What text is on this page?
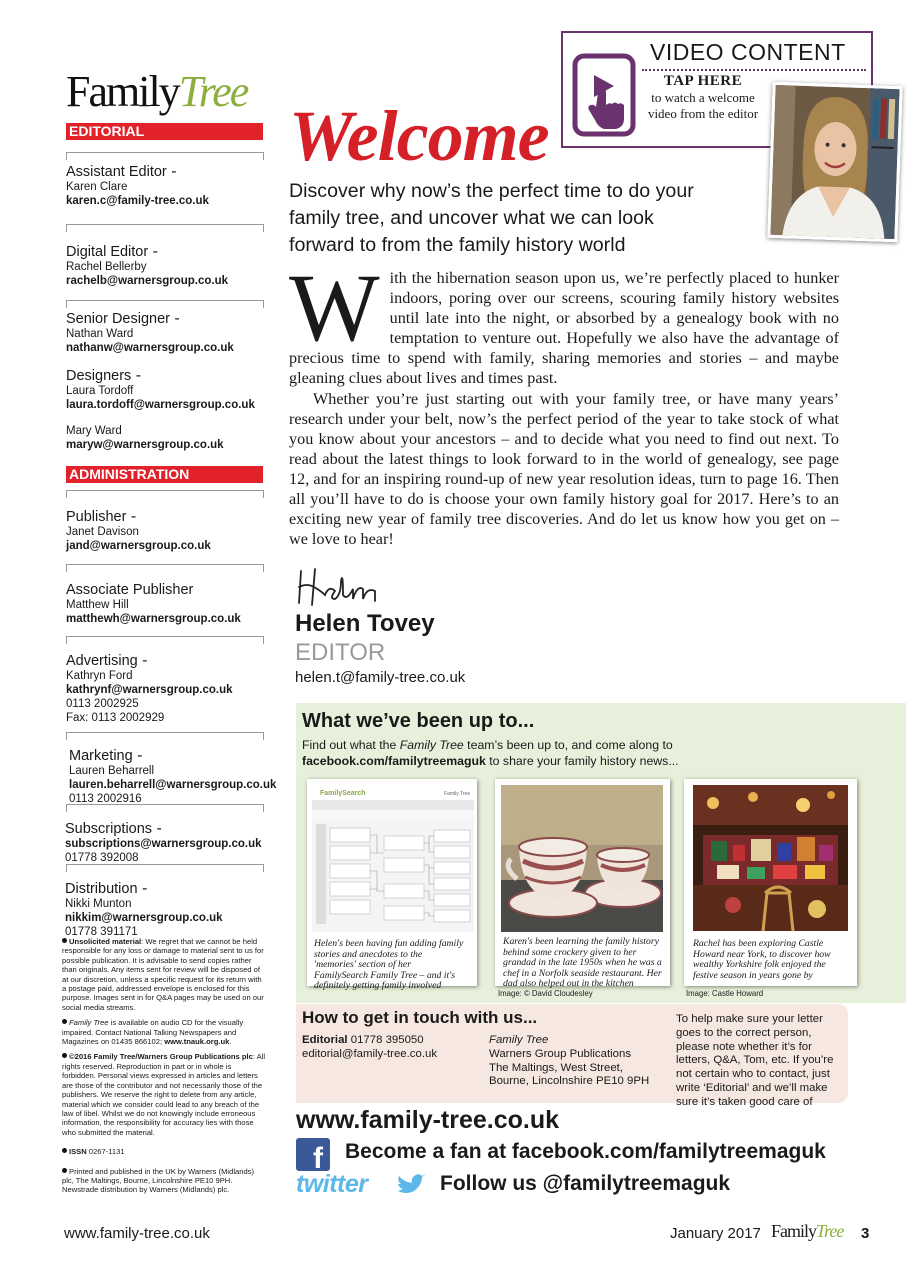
FamilyTree
EDITORIAL
Assistant Editor -
Karen Clare
karen.c@family-tree.co.uk
Digital Editor -
Rachel Bellerby
rachelb@warnersgroup.co.uk
Senior Designer -
Nathan Ward
nathanw@warnersgroup.co.uk
Designers -
Laura Tordoff
laura.tordoff@warnersgroup.co.uk
Mary Ward
maryw@warnersgroup.co.uk
ADMINISTRATION
Publisher -
Janet Davison
jand@warnersgroup.co.uk
Associate Publisher
Matthew Hill
matthewh@warnersgroup.co.uk
Advertising -
Kathryn Ford
kathrynf@warnersgroup.co.uk
0113 2002925
Fax: 0113 2002929
Marketing -
Lauren Beharrell
lauren.beharrell@warnersgroup.co.uk
0113 2002916
Subscriptions -
subscriptions@warnersgroup.co.uk
01778 392008
Distribution -
Nikki Munton
nikkim@warnersgroup.co.uk
01778 391171

Unsolicited material: We regret that we cannot be held responsible for any loss or damage to material sent to us for possible publication. It is advisable to send copies rather than originals. Any items sent for review will be disposed of at our discretion, unless a specific request for its return with a postage paid, addressed envelope is enclosed for this purpose. Images sent in for Q&A pages may be used on our social media streams.

Family Tree is available on audio CD for the visually impaired. Contact National Talking Newspapers and Magazines on 01435 866102; www.tnauk.org.uk.

©2016 Family Tree/Warners Group Publications plc: All rights reserved. Reproduction in part or in whole is forbidden. Personal views expressed in articles and letters are those of the contributor and not necessarily those of the publishers. We reserve the right to delete from any article, material which we consider could lead to any breach of the law of libel. Whilst we do not knowingly include erroneous information, the responsibility for accuracy lies with those who submitted the material.

ISSN 0267-1131

Printed and published in the UK by Warners (Midlands) plc, The Maltings, Bourne, Lincolnshire PE10 9PH. Newstrade distribution by Warners (Midlands) plc.

VIDEO CONTENT
TAP HERE
to watch a welcome video from the editor
Welcome
Discover why now’s the perfect time to do your family tree, and uncover what we can look forward to from the family history world

With the hibernation season upon us, we’re perfectly placed to hunker indoors, poring over our screens, scouring family history websites until late into the night, or absorbed by a genealogy book with no temptation to venture out. Hopefully we also have the advantage of precious time to spend with family, sharing memories and stories – and maybe gleaning clues about lives and times past.

Whether you’re just starting out with your family tree, or have many years’ research under your belt, now’s the perfect period of the year to take stock of what you know about your ancestors – and to decide what you need to find out next. To read about the latest things to look forward to in the world of genealogy, see page 12, and for an inspiring round-up of new year resolution ideas, turn to page 16. Then all you’ll have to do is choose your own family history goal for 2017. Here’s to an exciting new year of family tree discoveries. And do let us know how you get on – we love to hear!

Helen
Helen Tovey
EDITOR
helen.t@family-tree.co.uk
What we’ve been up to...
Find out what the Family Tree team’s been up to, and come along to
facebook.com/familytreemaguk to share your family history news...
FamilySearch	Family Tree
Helen's been having fun adding family stories and anecdotes to the 'memories' section of her FamilySearch Family Tree – and it's definitely getting family involved
Karen's been learning the family history behind some crockery given to her grandad in the late 1950s when he was a chef in a Norfolk seaside restaurant. Her dad also helped out in the kitchen
Image: © David Cloudesley
Rachel has been exploring Castle Howard near York, to discover how wealthy Yorkshire folk enjoyed the festive season in years gone by
Image: Castle Howard
How to get in touch with us...
Editorial 01778 395050
editorial@family-tree.co.uk
Family Tree
Warners Group Publications
The Maltings, West Street,
Bourne, Lincolnshire PE10 9PH
To help make sure your letter goes to the correct person, please note whether it’s for letters, Q&A, Tom, etc. If you’re not certain who to contact, just write ‘Editorial’ and we’ll make sure it’s taken good care of
www.family-tree.co.uk
f	Become a fan at facebook.com/familytreemaguk
twitter	Follow us @familytreemaguk
www.family-tree.co.uk	January 2017 FamilyTree 3
